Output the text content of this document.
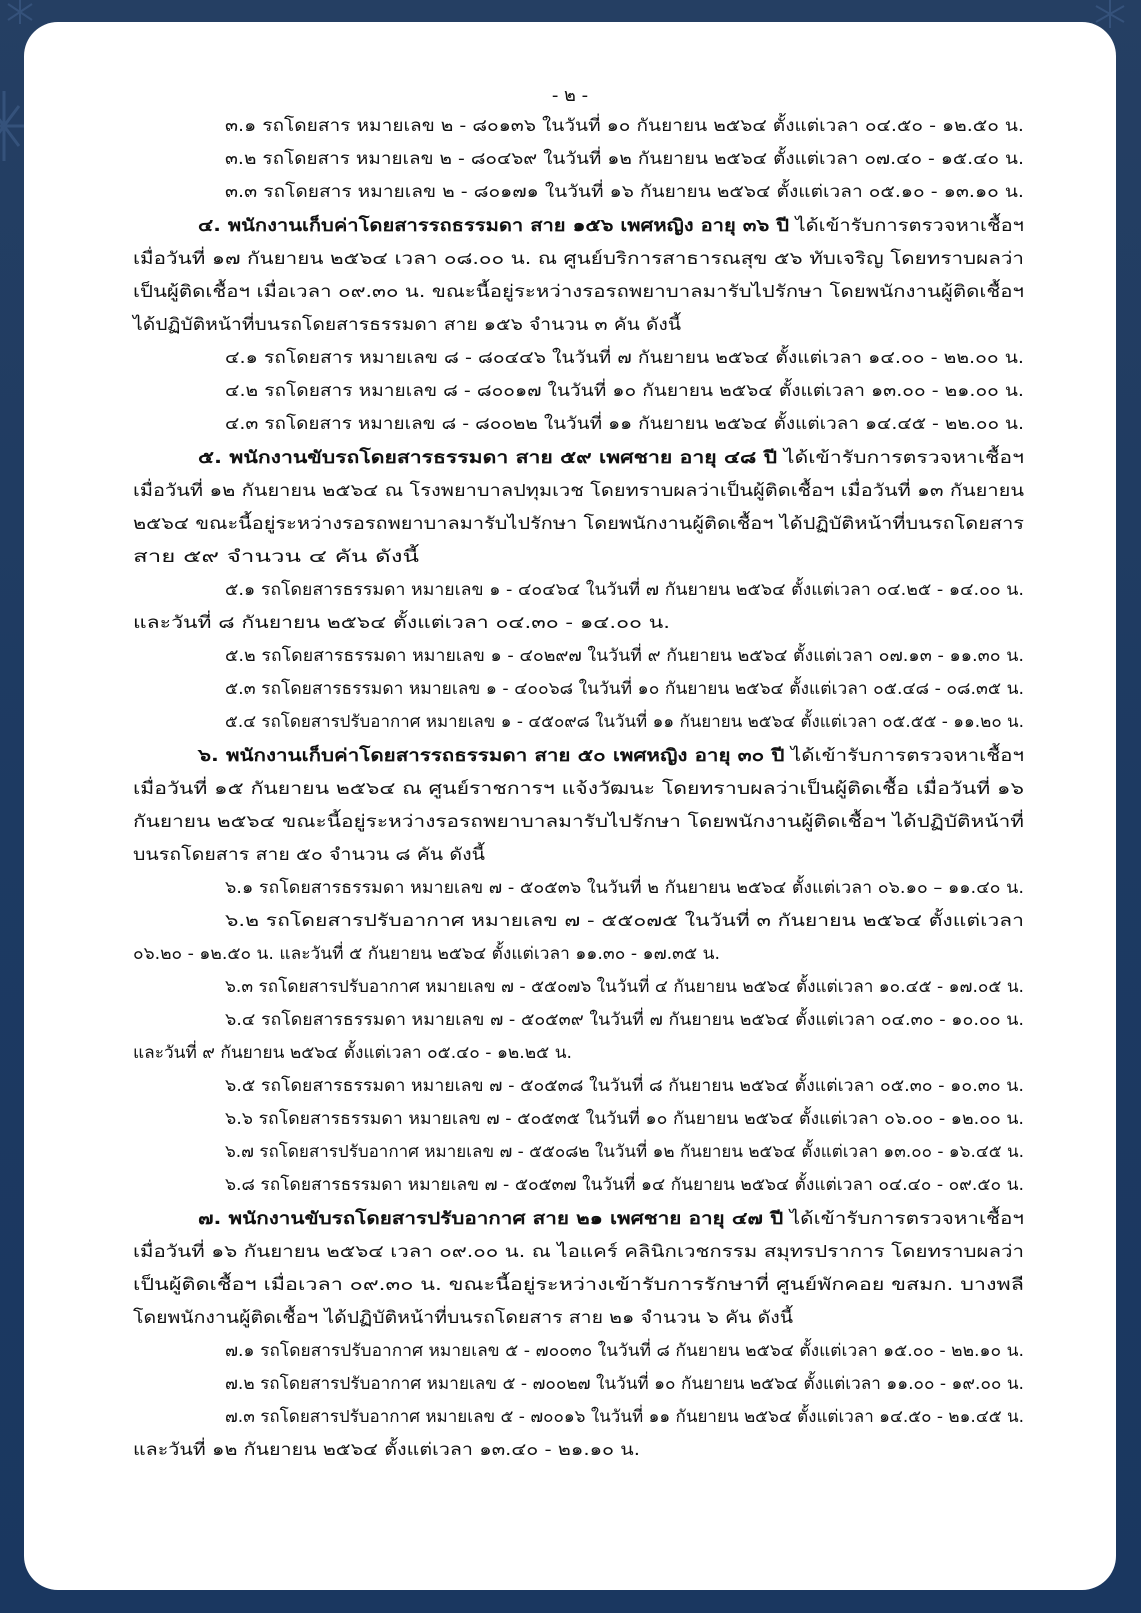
- ๒ -
๓.๑ รถโดยสาร หมายเลข ๒ - ๘๐๑๓๖ ในวันที่ ๑๐ กันยายน ๒๕๖๔ ตั้งแต่เวลา ๐๔.๕๐ - ๑๒.๕๐ น.
๓.๒ รถโดยสาร หมายเลข ๒ - ๘๐๔๖๙ ในวันที่ ๑๒ กันยายน ๒๕๖๔ ตั้งแต่เวลา ๐๗.๔๐ - ๑๕.๔๐ น.
๓.๓ รถโดยสาร หมายเลข ๒ - ๘๐๑๗๑ ในวันที่ ๑๖ กันยายน ๒๕๖๔ ตั้งแต่เวลา ๐๕.๑๐ - ๑๓.๑๐ น.
๔. พนักงานเก็บค่าโดยสารรถธรรมดา สาย ๑๕๖ เพศหญิง อายุ ๓๖ ปี ได้เข้ารับการตรวจหาเชื้อฯ
เมื่อวันที่ ๑๗ กันยายน ๒๕๖๔ เวลา ๐๘.๐๐ น. ณ ศูนย์บริการสาธารณสุข ๕๖ ทับเจริญ โดยทราบผลว่า
เป็นผู้ติดเชื้อฯ เมื่อเวลา ๐๙.๓๐ น. ขณะนี้อยู่ระหว่างรอรถพยาบาลมารับไปรักษา โดยพนักงานผู้ติดเชื้อฯ
ได้ปฏิบัติหน้าที่บนรถโดยสารธรรมดา สาย ๑๕๖ จำนวน ๓ คัน ดังนี้
๔.๑ รถโดยสาร หมายเลข ๘ - ๘๐๔๔๖ ในวันที่ ๗ กันยายน ๒๕๖๔ ตั้งแต่เวลา ๑๔.๐๐ - ๒๒.๐๐ น.
๔.๒ รถโดยสาร หมายเลข ๘ - ๘๐๐๑๗ ในวันที่ ๑๐ กันยายน ๒๕๖๔ ตั้งแต่เวลา ๑๓.๐๐ - ๒๑.๐๐ น.
๔.๓ รถโดยสาร หมายเลข ๘ - ๘๐๐๒๒ ในวันที่ ๑๑ กันยายน ๒๕๖๔ ตั้งแต่เวลา ๑๔.๔๕ - ๒๒.๐๐ น.
๕. พนักงานขับรถโดยสารธรรมดา สาย ๕๙ เพศชาย อายุ ๔๘ ปี ได้เข้ารับการตรวจหาเชื้อฯ
เมื่อวันที่ ๑๒ กันยายน ๒๕๖๔ ณ โรงพยาบาลปทุมเวช โดยทราบผลว่าเป็นผู้ติดเชื้อฯ เมื่อวันที่ ๑๓ กันยายน
๒๕๖๔ ขณะนี้อยู่ระหว่างรอรถพยาบาลมารับไปรักษา โดยพนักงานผู้ติดเชื้อฯ ได้ปฏิบัติหน้าที่บนรถโดยสาร
สาย ๕๙ จำนวน ๔ คัน ดังนี้
๕.๑ รถโดยสารธรรมดา หมายเลข ๑ - ๔๐๔๖๔ ในวันที่ ๗ กันยายน ๒๕๖๔ ตั้งแต่เวลา ๐๔.๒๕ - ๑๔.๐๐ น.
และวันที่ ๘ กันยายน ๒๕๖๔ ตั้งแต่เวลา ๐๔.๓๐ - ๑๔.๐๐ น.
๕.๒ รถโดยสารธรรมดา หมายเลข ๑ - ๔๐๒๙๗ ในวันที่ ๙ กันยายน ๒๕๖๔ ตั้งแต่เวลา ๐๗.๑๓ - ๑๑.๓๐ น.
๕.๓ รถโดยสารธรรมดา หมายเลข ๑ - ๔๐๐๖๘ ในวันที่ ๑๐ กันยายน ๒๕๖๔ ตั้งแต่เวลา ๐๕.๔๘ - ๐๘.๓๕ น.
๕.๔ รถโดยสารปรับอากาศ หมายเลข ๑ - ๔๕๐๙๘ ในวันที่ ๑๑ กันยายน ๒๕๖๔ ตั้งแต่เวลา ๐๕.๕๕ - ๑๑.๒๐ น.
๖. พนักงานเก็บค่าโดยสารรถธรรมดา สาย ๕๐ เพศหญิง อายุ ๓๐ ปี ได้เข้ารับการตรวจหาเชื้อฯ
เมื่อวันที่ ๑๕ กันยายน ๒๕๖๔ ณ ศูนย์ราชการฯ แจ้งวัฒนะ โดยทราบผลว่าเป็นผู้ติดเชื้อ เมื่อวันที่ ๑๖
กันยายน ๒๕๖๔ ขณะนี้อยู่ระหว่างรอรถพยาบาลมารับไปรักษา โดยพนักงานผู้ติดเชื้อฯ ได้ปฏิบัติหน้าที่
บนรถโดยสาร สาย ๕๐ จำนวน ๘ คัน ดังนี้
๖.๑ รถโดยสารธรรมดา หมายเลข ๗ - ๕๐๕๓๖ ในวันที่ ๒ กันยายน ๒๕๖๔ ตั้งแต่เวลา ๐๖.๑๐ – ๑๑.๔๐ น.
๖.๒ รถโดยสารปรับอากาศ หมายเลข ๗ - ๕๕๐๗๕ ในวันที่ ๓ กันยายน ๒๕๖๔ ตั้งแต่เวลา
๐๖.๒๐ - ๑๒.๕๐ น. และวันที่ ๕ กันยายน ๒๕๖๔ ตั้งแต่เวลา ๑๑.๓๐ - ๑๗.๓๕ น.
๖.๓ รถโดยสารปรับอากาศ หมายเลข ๗ - ๕๕๐๗๖ ในวันที่ ๔ กันยายน ๒๕๖๔ ตั้งแต่เวลา ๑๐.๔๕ - ๑๗.๐๕ น.
๖.๔ รถโดยสารธรรมดา หมายเลข ๗ - ๕๐๕๓๙ ในวันที่ ๗ กันยายน ๒๕๖๔ ตั้งแต่เวลา ๐๔.๓๐ - ๑๐.๐๐ น.
และวันที่ ๙ กันยายน ๒๕๖๔ ตั้งแต่เวลา ๐๕.๔๐ - ๑๒.๒๕ น.
๖.๕ รถโดยสารธรรมดา หมายเลข ๗ - ๕๐๕๓๘ ในวันที่ ๘ กันยายน ๒๕๖๔ ตั้งแต่เวลา ๐๕.๓๐ - ๑๐.๓๐ น.
๖.๖ รถโดยสารธรรมดา หมายเลข ๗ - ๕๐๕๓๕ ในวันที่ ๑๐ กันยายน ๒๕๖๔ ตั้งแต่เวลา ๐๖.๐๐ - ๑๒.๐๐ น.
๖.๗ รถโดยสารปรับอากาศ หมายเลข ๗ - ๕๕๐๘๒ ในวันที่ ๑๒ กันยายน ๒๕๖๔ ตั้งแต่เวลา ๑๓.๐๐ - ๑๖.๔๕ น.
๖.๘ รถโดยสารธรรมดา หมายเลข ๗ - ๕๐๕๓๗ ในวันที่ ๑๔ กันยายน ๒๕๖๔ ตั้งแต่เวลา ๐๔.๔๐ - ๐๙.๕๐ น.
๗. พนักงานขับรถโดยสารปรับอากาศ สาย ๒๑ เพศชาย อายุ ๔๗ ปี ได้เข้ารับการตรวจหาเชื้อฯ
เมื่อวันที่ ๑๖ กันยายน ๒๕๖๔ เวลา ๐๙.๐๐ น. ณ ไอแคร์ คลินิกเวชกรรม สมุทรปราการ โดยทราบผลว่า
เป็นผู้ติดเชื้อฯ เมื่อเวลา ๐๙.๓๐ น. ขณะนี้อยู่ระหว่างเข้ารับการรักษาที่ ศูนย์พักคอย ขสมก. บางพลี
โดยพนักงานผู้ติดเชื้อฯ ได้ปฏิบัติหน้าที่บนรถโดยสาร สาย ๒๑ จำนวน ๖ คัน ดังนี้
๗.๑ รถโดยสารปรับอากาศ หมายเลข ๕ - ๗๐๐๓๐ ในวันที่ ๘ กันยายน ๒๕๖๔ ตั้งแต่เวลา ๑๕.๐๐ - ๒๒.๑๐ น.
๗.๒ รถโดยสารปรับอากาศ หมายเลข ๕ - ๗๐๐๒๗ ในวันที่ ๑๐ กันยายน ๒๕๖๔ ตั้งแต่เวลา ๑๑.๐๐ - ๑๙.๐๐ น.
๗.๓ รถโดยสารปรับอากาศ หมายเลข ๕ - ๗๐๐๑๖ ในวันที่ ๑๑ กันยายน ๒๕๖๔ ตั้งแต่เวลา ๑๔.๕๐ - ๒๑.๔๕ น.
และวันที่ ๑๒ กันยายน ๒๕๖๔ ตั้งแต่เวลา ๑๓.๔๐ - ๒๑.๑๐ น.
